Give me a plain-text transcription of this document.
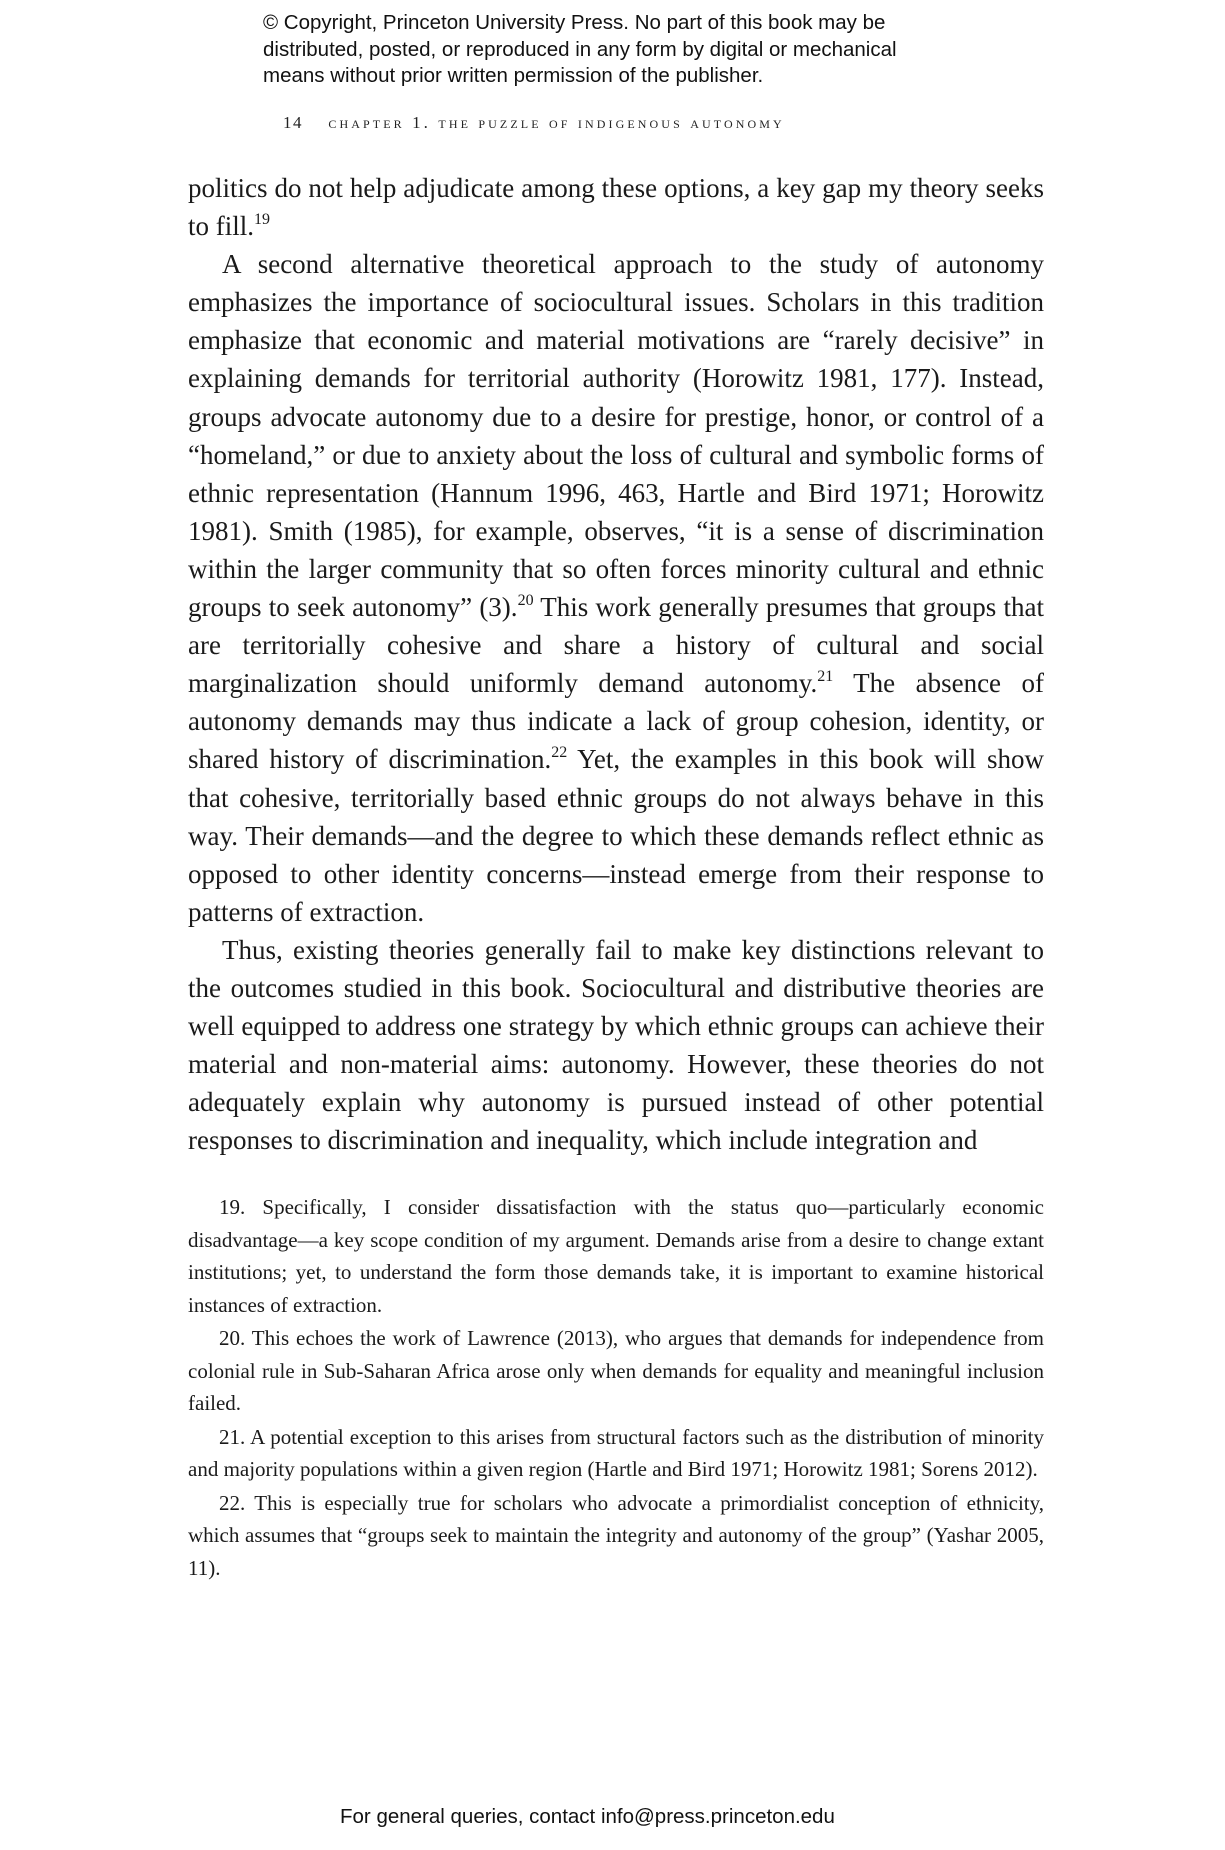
© Copyright, Princeton University Press. No part of this book may be
distributed, posted, or reproduced in any form by digital or mechanical
means without prior written permission of the publisher.
14 chapter 1. the puzzle of indigenous autonomy

politics do not help adjudicate among these options, a key gap my theory seeks to fill.$^{19}$

A second alternative theoretical approach to the study of autonomy emphasizes the importance of sociocultural issues. Scholars in this tradition emphasize that economic and material motivations are “rarely decisive” in explaining demands for territorial authority (Horowitz 1981, 177). Instead, groups advocate autonomy due to a desire for prestige, honor, or control of a “homeland,” or due to anxiety about the loss of cultural and symbolic forms of ethnic representation (Hannum 1996, 463, Hartle and Bird 1971; Horowitz 1981). Smith (1985), for example, observes, “it is a sense of discrimination within the larger community that so often forces minority cultural and ethnic groups to seek autonomy” (3).$^{20}$ This work generally presumes that groups that are territorially cohesive and share a history of cultural and social marginalization should uniformly demand autonomy.$^{21}$ The absence of autonomy demands may thus indicate a lack of group cohesion, identity, or shared history of discrimination.$^{22}$ Yet, the examples in this book will show that cohesive, territorially based ethnic groups do not always behave in this way. Their demands—and the degree to which these demands reflect ethnic as opposed to other identity concerns—instead emerge from their response to patterns of extraction.

Thus, existing theories generally fail to make key distinctions relevant to the outcomes studied in this book. Sociocultural and distributive theories are well equipped to address one strategy by which ethnic groups can achieve their material and non-material aims: autonomy. However, these theories do not adequately explain why autonomy is pursued instead of other potential responses to discrimination and inequality, which include integration and

19. Specifically, I consider dissatisfaction with the status quo—particularly economic disadvantage—a key scope condition of my argument. Demands arise from a desire to change extant institutions; yet, to understand the form those demands take, it is important to examine historical instances of extraction.

20. This echoes the work of Lawrence (2013), who argues that demands for independence from colonial rule in Sub-Saharan Africa arose only when demands for equality and meaningful inclusion failed.

21. A potential exception to this arises from structural factors such as the distribution of minority and majority populations within a given region (Hartle and Bird 1971; Horowitz 1981; Sorens 2012).

22. This is especially true for scholars who advocate a primordialist conception of ethnicity, which assumes that “groups seek to maintain the integrity and autonomy of the group” (Yashar 2005, 11).

For general queries, contact info@press.princeton.edu
